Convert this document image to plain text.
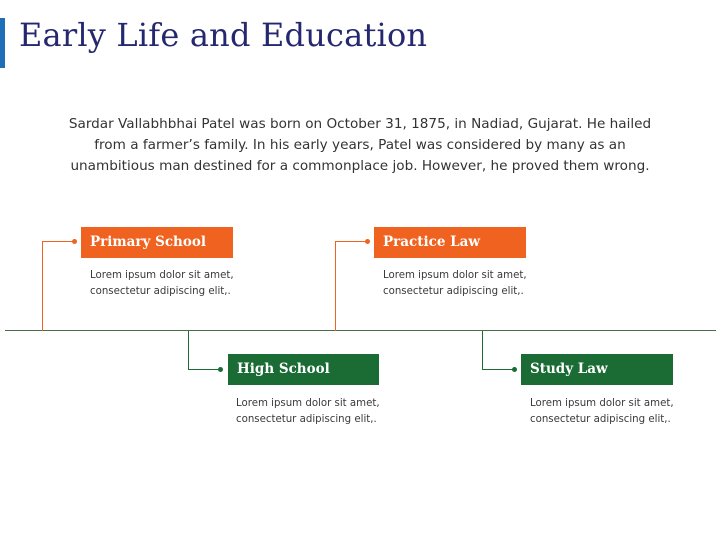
Early Life and Education
Sardar Vallabhbhai Patel was born on October 31, 1875, in Nadiad, Gujarat. He hailed from a farmer’s family. In his early years, Patel was considered by many as an unambitious man destined for a commonplace job. However, he proved them wrong.
Primary School
Lorem ipsum dolor sit amet,
consectetur adipiscing elit,.
High School
Lorem ipsum dolor sit amet,
consectetur adipiscing elit,.
Practice Law
Lorem ipsum dolor sit amet,
consectetur adipiscing elit,.
Study Law
Lorem ipsum dolor sit amet,
consectetur adipiscing elit,.
